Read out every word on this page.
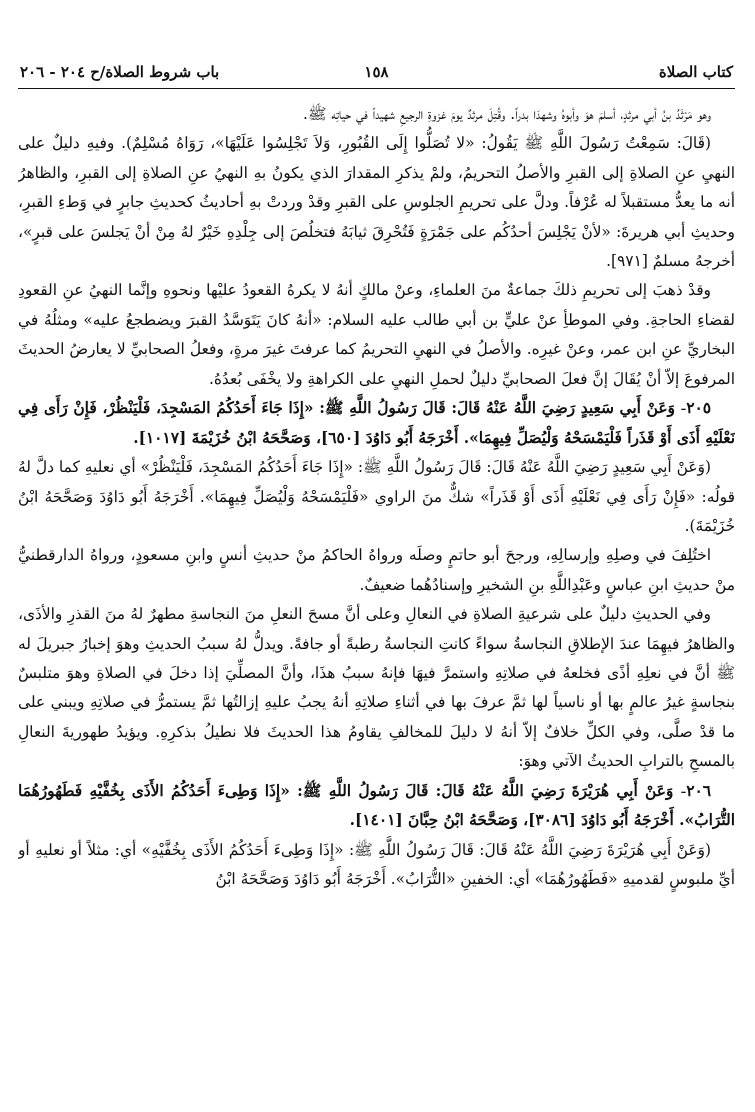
كتاب الصلاة
١٥٨
باب شروط الصلاة/ح ٢٠٤ - ٢٠٦

وهو مَرْثَدُ بنُ أبي مرثدٍ، أسلمَ هوَ وأبوهُ وشهدَا بدراً. وقُتِلَ مرثدٌ يومَ غزوةِ الرجيعِ شهيداً في حياتِه ﷺ.

(قَالَ: سَمِعْتُ رَسُولَ اللَّهِ ﷺ يَقُولُ: «لا تُصَلُّوا إِلَى القُبُورِ، وَلاَ تَجْلِسُوا عَلَيْهَا»، رَوَاهُ مُسْلِمٌ). وفيهِ دليلٌ على النهيِ عنِ الصلاةِ إلى القبرِ والأصلُ التحريمُ، ولمْ يذكرِ المقدارَ الذي يكونُ بهِ النهيُ عنِ الصلاةِ إلى القبرِ، والظاهرُ أنه ما يعدُّ مستقبلاً له عُرْفاً. ودلَّ على تحريمِ الجلوسِ على القبرِ وقدْ وردتْ بهِ أحاديثُ كحديثِ جابرٍ في وَطءِ القبرِ، وحديثِ أبي هريرةَ: «لأنْ يَجْلِسَ أحدُكُم على جَمْرَةٍ فَتُحْرِقَ ثيابَهُ فتخلُصَ إلى جِلْدِهِ خَيْرٌ لهُ مِنْ أنْ يَجلسَ على قبرٍ»، أخرجهُ مسلمٌ [٩٧١].

وقدْ ذهبَ إلى تحريمِ ذلكَ جماعةٌ منَ العلماءِ، وعنْ مالكٍ أنهُ لا يكرهُ القعودُ عليْها ونحوهِ وإنَّما النهيُ عنِ القعودِ لقضاءِ الحاجةِ. وفي الموطأِ عنْ عليٍّ بن أبي طالب عليه السلام: «أنهُ كانَ يَتَوَسَّدُ القبرَ ويضطجعُ عليه» ومثلُهُ في البخاريِّ عنِ ابن عمر، وعنْ غيرِه. والأصلُ في النهيِ التحريمُ كما عرفتَ غيرَ مرةٍ، وفعلُ الصحابيِّ لا يعارضُ الحديثَ المرفوعَ إلاّ أنْ يُقَالَ إنَّ فعلَ الصحابيِّ دليلٌ لحملِ النهيِ على الكراهةِ ولا يخْفَى بُعدُهُ.

٢٠٥– وَعَنْ أَبِي سَعِيدٍ رَضِيَ اللَّهُ عَنْهُ قَالَ: قَالَ رَسُولُ اللَّهِ ﷺ: «إِذَا جَاءَ أَحَدُكُمُ المَسْجِدَ، فَلْيَنْظُرْ، فَإِنْ رَأَى فِي نَعْلَيْهِ أَذَى أَوْ قَذَراً فَلْيَمْسَحْهُ وَلْيُصَلِّ فِيهِمَا». أَخْرَجَهُ أَبُو دَاوُدَ [٦٥٠]، وَصَحَّحَهُ ابْنُ خُزَيْمَةَ [١٠١٧].

(وَعَنْ أَبِي سَعِيدٍ رَضِيَ اللَّهُ عَنْهُ قَالَ: قَالَ رَسُولُ اللَّهِ ﷺ: «إِذَا جَاءَ أَحَدُكُمُ المَسْجِدَ، فَلْيَنْظُرْ» أي نعليهِ كما دلَّ لهُ قولُه: «فَإِنْ رَأَى فِي نَعْلَيْهِ أَذَى أَوْ قَذَراً» شكٌّ منَ الراوي «فَلْيَمْسَحْهُ وَلْيُصَلِّ فِيهِمَا». أَخْرَجَهُ أَبُو دَاوُدَ وَصَحَّحَهُ ابْنُ خُزَيْمَةَ).

اختُلِفَ في وصلِهِ وإرسالِهِ، ورجحَ أبو حاتمٍ وصلَه ورواهُ الحاكمُ منْ حديثِ أنسٍ وابنِ مسعودٍ، ورواهُ الدارقطنيُّ منْ حديثِ ابنِ عباسٍ وعَبْدِاللَّهِ بنِ الشخيرِ وإسنادُهُما ضعيفٌ.

وفي الحديثِ دليلٌ على شرعيةِ الصلاةِ في النعالِ وعلى أنَّ مسحَ النعلِ منَ النجاسةِ مطهرٌ لهُ منَ القذرِ والأذَى، والظاهرُ فيهِمَا عندَ الإطلاقِ النجاسةُ سواءً كانتِ النجاسةُ رطبةً أو جافةً. ويدلُّ لهُ سببُ الحديثِ وهوَ إخبارُ جبريلَ له ﷺ أنَّ في نعلِهِ أذًى فخلعهُ في صلاتِهِ واستمرَّ فيهَا فإنهُ سببُ هذَا، وأنَّ المصلِّيَ إذا دخلَ في الصلاةِ وهوَ متلبسٌ بنجاسةٍ غيرُ عالمٍ بها أو ناسياً لها ثمَّ عرفَ بها في أثناءِ صلاتِهِ أنهُ يجبُ عليهِ إزالتُها ثمَّ يستمرُّ في صلاتِهِ ويبني على ما قدْ صلَّى، وفي الكلِّ خلافٌ إلاّ أنهُ لا دليلَ للمخالفِ يقاومُ هذا الحديثَ فلا نطيلُ بذكرِهِ. ويؤيدُ طهوريةَ النعالِ بالمسحِ بالترابِ الحديثُ الآتي وهوَ:

٢٠٦– وَعَنْ أَبِي هُرَيْرَةَ رَضِيَ اللَّهُ عَنْهُ قَالَ: قَالَ رَسُولُ اللَّهِ ﷺ: «إِذَا وَطِىءَ أَحَدُكُمُ الأَذَى بِخُفَّيْهِ فَطَهُورُهُمَا التُّرَابُ». أَخْرَجَهُ أَبُو دَاوُدَ [٣٠٨٦]، وَصَحَّحَهُ ابْنُ حِبَّانَ [١٤٠١].

(وَعَنْ أَبِي هُرَيْرَةَ رَضِيَ اللَّهُ عَنْهُ قَالَ: قَالَ رَسُولُ اللَّهِ ﷺ: «إِذَا وَطِىءَ أَحَدُكُمُ الأَذَى بِخُفَّيْهِ» أي: مثلاً أو نعليهِ أو أيِّ ملبوسٍ لقدميهِ «فَطَهُورُهُمَا» أي: الخفينِ «التُّرَابُ». أَخْرَجَهُ أَبُو دَاوُدَ وَصَحَّحَهُ ابْنُ
